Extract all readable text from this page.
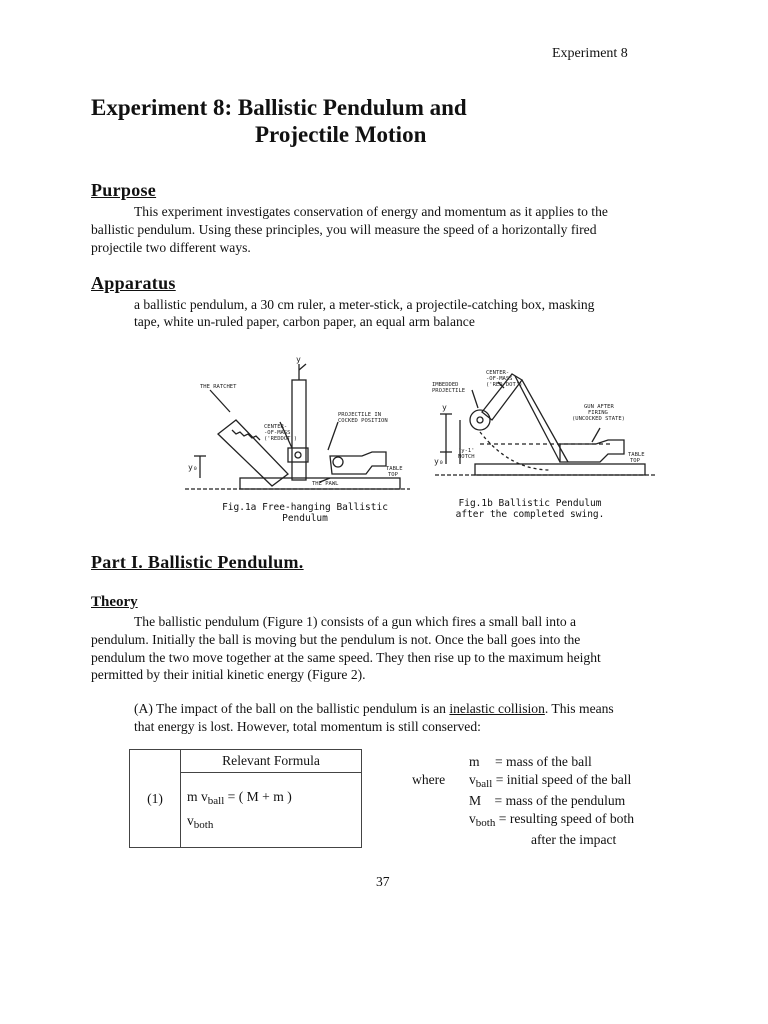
Experiment 8
Experiment 8: Ballistic Pendulum and
Projectile Motion
Purpose
This experiment investigates conservation of energy and momentum as it applies to the
ballistic pendulum. Using these principles, you will measure the speed of a horizontally fired
projectile two different ways.
Apparatus
a ballistic pendulum, a 30 cm ruler, a meter-stick, a projectile-catching box, masking
tape, white un-ruled paper, carbon paper, an equal arm balance
THE RATCHET
CENTER-
-OF-MASS
('REDDOT')
PROJECTILE IN
COCKED POSITION
TABLE
TOP
THE PAWL
y
y₀
IMBEDDED
PROJECTILE
CENTER-
-OF-MASS
('RED DOT')
GUN AFTER
FIRING
(UNCOCKED STATE)
TABLE
TOP
'y-1'
NOTCH
y
y₀
Fig.1a Free-hanging Ballistic
Pendulum
Fig.1b Ballistic Pendulum
after the completed swing.
Part I. Ballistic Pendulum.
Theory
The ballistic pendulum (Figure 1) consists of a gun which fires a small ball into a
pendulum. Initially the ball is moving but the pendulum is not. Once the ball goes into the
pendulum the two move together at the same speed. They then rise up to the maximum height
permitted by their initial kinetic energy (Figure 2).
(A) The impact of the ball on the ballistic pendulum is an inelastic collision. This means
that energy is lost. However, total momentum is still conserved:
(1)	Relevant Formula
m $v_{ball}$ = ( M + m )
$v_{both}$
where
m = mass of the ball
$v_{ball}$ = initial speed of the ball
M = mass of the pendulum
$v_{both}$ = resulting speed of both
after the impact
37
